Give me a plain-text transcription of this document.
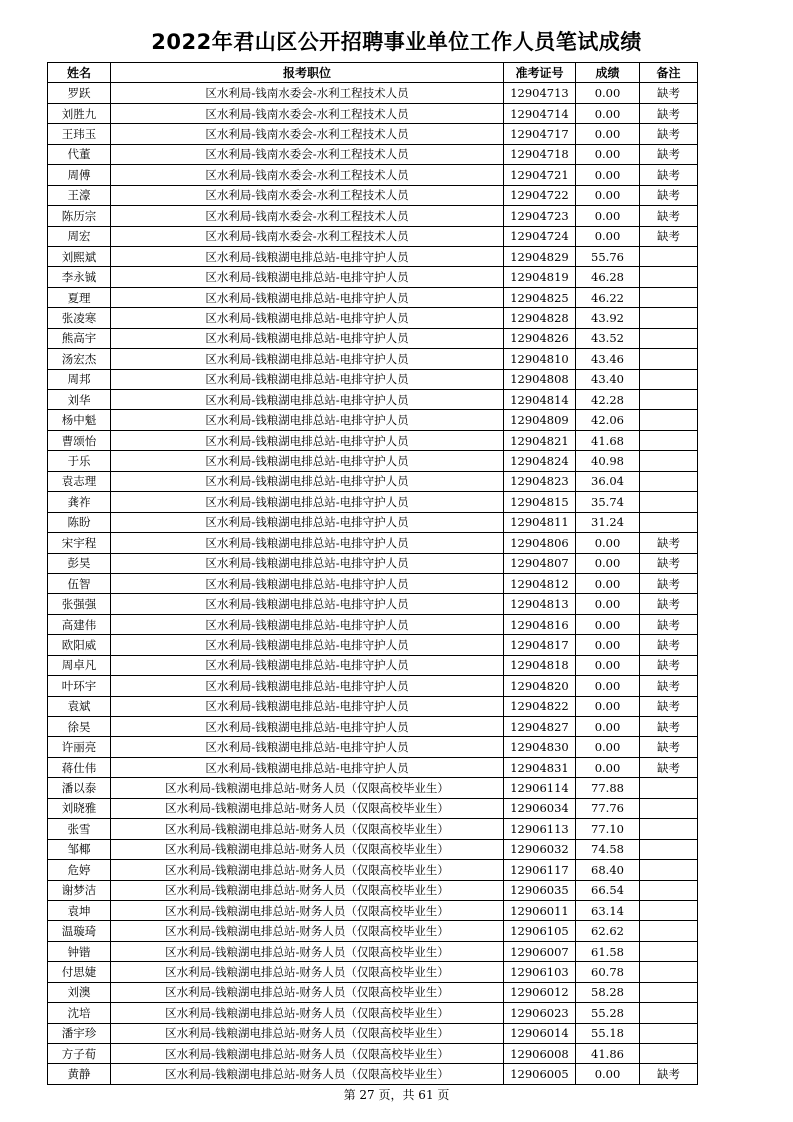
2022年君山区公开招聘事业单位工作人员笔试成绩
姓名	报考职位	准考证号	成绩	备注
罗跃	区水利局-钱南水委会-水利工程技术人员	12904713	0.00	缺考
刘胜九	区水利局-钱南水委会-水利工程技术人员	12904714	0.00	缺考
王玮玉	区水利局-钱南水委会-水利工程技术人员	12904717	0.00	缺考
代董	区水利局-钱南水委会-水利工程技术人员	12904718	0.00	缺考
周傅	区水利局-钱南水委会-水利工程技术人员	12904721	0.00	缺考
王濠	区水利局-钱南水委会-水利工程技术人员	12904722	0.00	缺考
陈历宗	区水利局-钱南水委会-水利工程技术人员	12904723	0.00	缺考
周宏	区水利局-钱南水委会-水利工程技术人员	12904724	0.00	缺考
刘熙斌	区水利局-钱粮湖电排总站-电排守护人员	12904829	55.76	
李永铖	区水利局-钱粮湖电排总站-电排守护人员	12904819	46.28	
夏理	区水利局-钱粮湖电排总站-电排守护人员	12904825	46.22	
张凌寒	区水利局-钱粮湖电排总站-电排守护人员	12904828	43.92	
熊高宇	区水利局-钱粮湖电排总站-电排守护人员	12904826	43.52	
汤宏杰	区水利局-钱粮湖电排总站-电排守护人员	12904810	43.46	
周邦	区水利局-钱粮湖电排总站-电排守护人员	12904808	43.40	
刘华	区水利局-钱粮湖电排总站-电排守护人员	12904814	42.28	
杨中魁	区水利局-钱粮湖电排总站-电排守护人员	12904809	42.06	
曹颂怡	区水利局-钱粮湖电排总站-电排守护人员	12904821	41.68	
于乐	区水利局-钱粮湖电排总站-电排守护人员	12904824	40.98	
袁志理	区水利局-钱粮湖电排总站-电排守护人员	12904823	36.04	
龚祚	区水利局-钱粮湖电排总站-电排守护人员	12904815	35.74	
陈盼	区水利局-钱粮湖电排总站-电排守护人员	12904811	31.24	
宋宇程	区水利局-钱粮湖电排总站-电排守护人员	12904806	0.00	缺考
彭昊	区水利局-钱粮湖电排总站-电排守护人员	12904807	0.00	缺考
伍智	区水利局-钱粮湖电排总站-电排守护人员	12904812	0.00	缺考
张强强	区水利局-钱粮湖电排总站-电排守护人员	12904813	0.00	缺考
高建伟	区水利局-钱粮湖电排总站-电排守护人员	12904816	0.00	缺考
欧阳威	区水利局-钱粮湖电排总站-电排守护人员	12904817	0.00	缺考
周卓凡	区水利局-钱粮湖电排总站-电排守护人员	12904818	0.00	缺考
叶环宇	区水利局-钱粮湖电排总站-电排守护人员	12904820	0.00	缺考
袁斌	区水利局-钱粮湖电排总站-电排守护人员	12904822	0.00	缺考
徐昊	区水利局-钱粮湖电排总站-电排守护人员	12904827	0.00	缺考
许丽亮	区水利局-钱粮湖电排总站-电排守护人员	12904830	0.00	缺考
蒋仕伟	区水利局-钱粮湖电排总站-电排守护人员	12904831	0.00	缺考
潘以泰	区水利局-钱粮湖电排总站-财务人员（仅限高校毕业生）	12906114	77.88	
刘晓雅	区水利局-钱粮湖电排总站-财务人员（仅限高校毕业生）	12906034	77.76	
张雪	区水利局-钱粮湖电排总站-财务人员（仅限高校毕业生）	12906113	77.10	
邹椰	区水利局-钱粮湖电排总站-财务人员（仅限高校毕业生）	12906032	74.58	
危婷	区水利局-钱粮湖电排总站-财务人员（仅限高校毕业生）	12906117	68.40	
谢梦洁	区水利局-钱粮湖电排总站-财务人员（仅限高校毕业生）	12906035	66.54	
袁坤	区水利局-钱粮湖电排总站-财务人员（仅限高校毕业生）	12906011	63.14	
温璇琦	区水利局-钱粮湖电排总站-财务人员（仅限高校毕业生）	12906105	62.62	
钟锴	区水利局-钱粮湖电排总站-财务人员（仅限高校毕业生）	12906007	61.58	
付思婕	区水利局-钱粮湖电排总站-财务人员（仅限高校毕业生）	12906103	60.78	
刘澳	区水利局-钱粮湖电排总站-财务人员（仅限高校毕业生）	12906012	58.28	
沈培	区水利局-钱粮湖电排总站-财务人员（仅限高校毕业生）	12906023	55.28	
潘宇珍	区水利局-钱粮湖电排总站-财务人员（仅限高校毕业生）	12906014	55.18	
方子荀	区水利局-钱粮湖电排总站-财务人员（仅限高校毕业生）	12906008	41.86	
黄静	区水利局-钱粮湖电排总站-财务人员（仅限高校毕业生）	12906005	0.00	缺考
第 27 页，共 61 页
